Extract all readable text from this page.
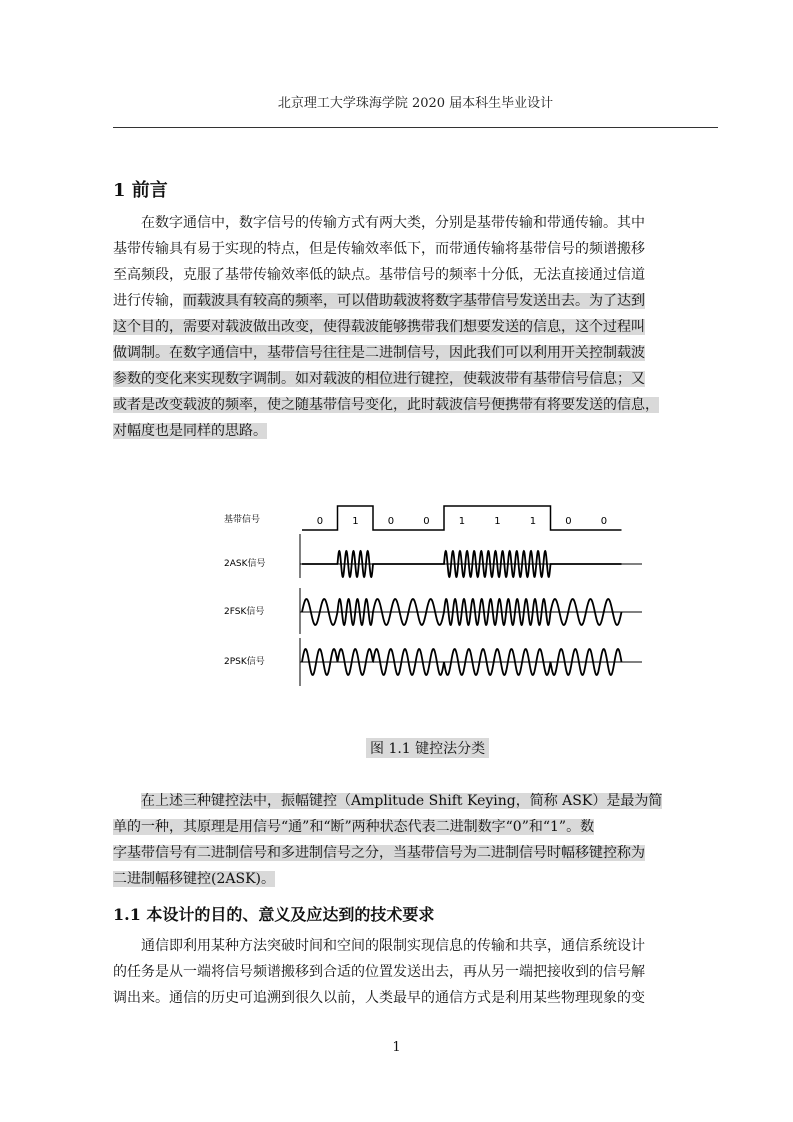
北京理工大学珠海学院 2020 届本科生毕业设计
1 前言
在数字通信中，数字信号的传输方式有两大类，分别是基带传输和带通传输。其中
基带传输具有易于实现的特点，但是传输效率低下，而带通传输将基带信号的频谱搬移
至高频段，克服了基带传输效率低的缺点。基带信号的频率十分低，无法直接通过信道
进行传输，而载波具有较高的频率，可以借助载波将数字基带信号发送出去。为了达到
这个目的，需要对载波做出改变，使得载波能够携带我们想要发送的信息，这个过程叫
做调制。在数字通信中，基带信号往往是二进制信号，因此我们可以利用开关控制载波
参数的变化来实现数字调制。如对载波的相位进行键控，使载波带有基带信号信息；又
或者是改变载波的频率，使之随基带信号变化，此时载波信号便携带有将要发送的信息，
对幅度也是同样的思路。
基带信号
2ASK信号
2FSK信号
2PSK信号
0	1	0	0	1	1	1	0	0
图 1.1 键控法分类
在上述三种键控法中，振幅键控（Amplitude Shift Keying，简称 ASK）是最为简
单的一种，其原理是用信号“通”和“断”两种状态代表二进制数字“0”和“1”。数
字基带信号有二进制信号和多进制信号之分，当基带信号为二进制信号时幅移键控称为
二进制幅移键控(2ASK)。
1.1 本设计的目的、意义及应达到的技术要求
通信即利用某种方法突破时间和空间的限制实现信息的传输和共享，通信系统设计
的任务是从一端将信号频谱搬移到合适的位置发送出去，再从另一端把接收到的信号解
调出来。通信的历史可追溯到很久以前，人类最早的通信方式是利用某些物理现象的变
1
